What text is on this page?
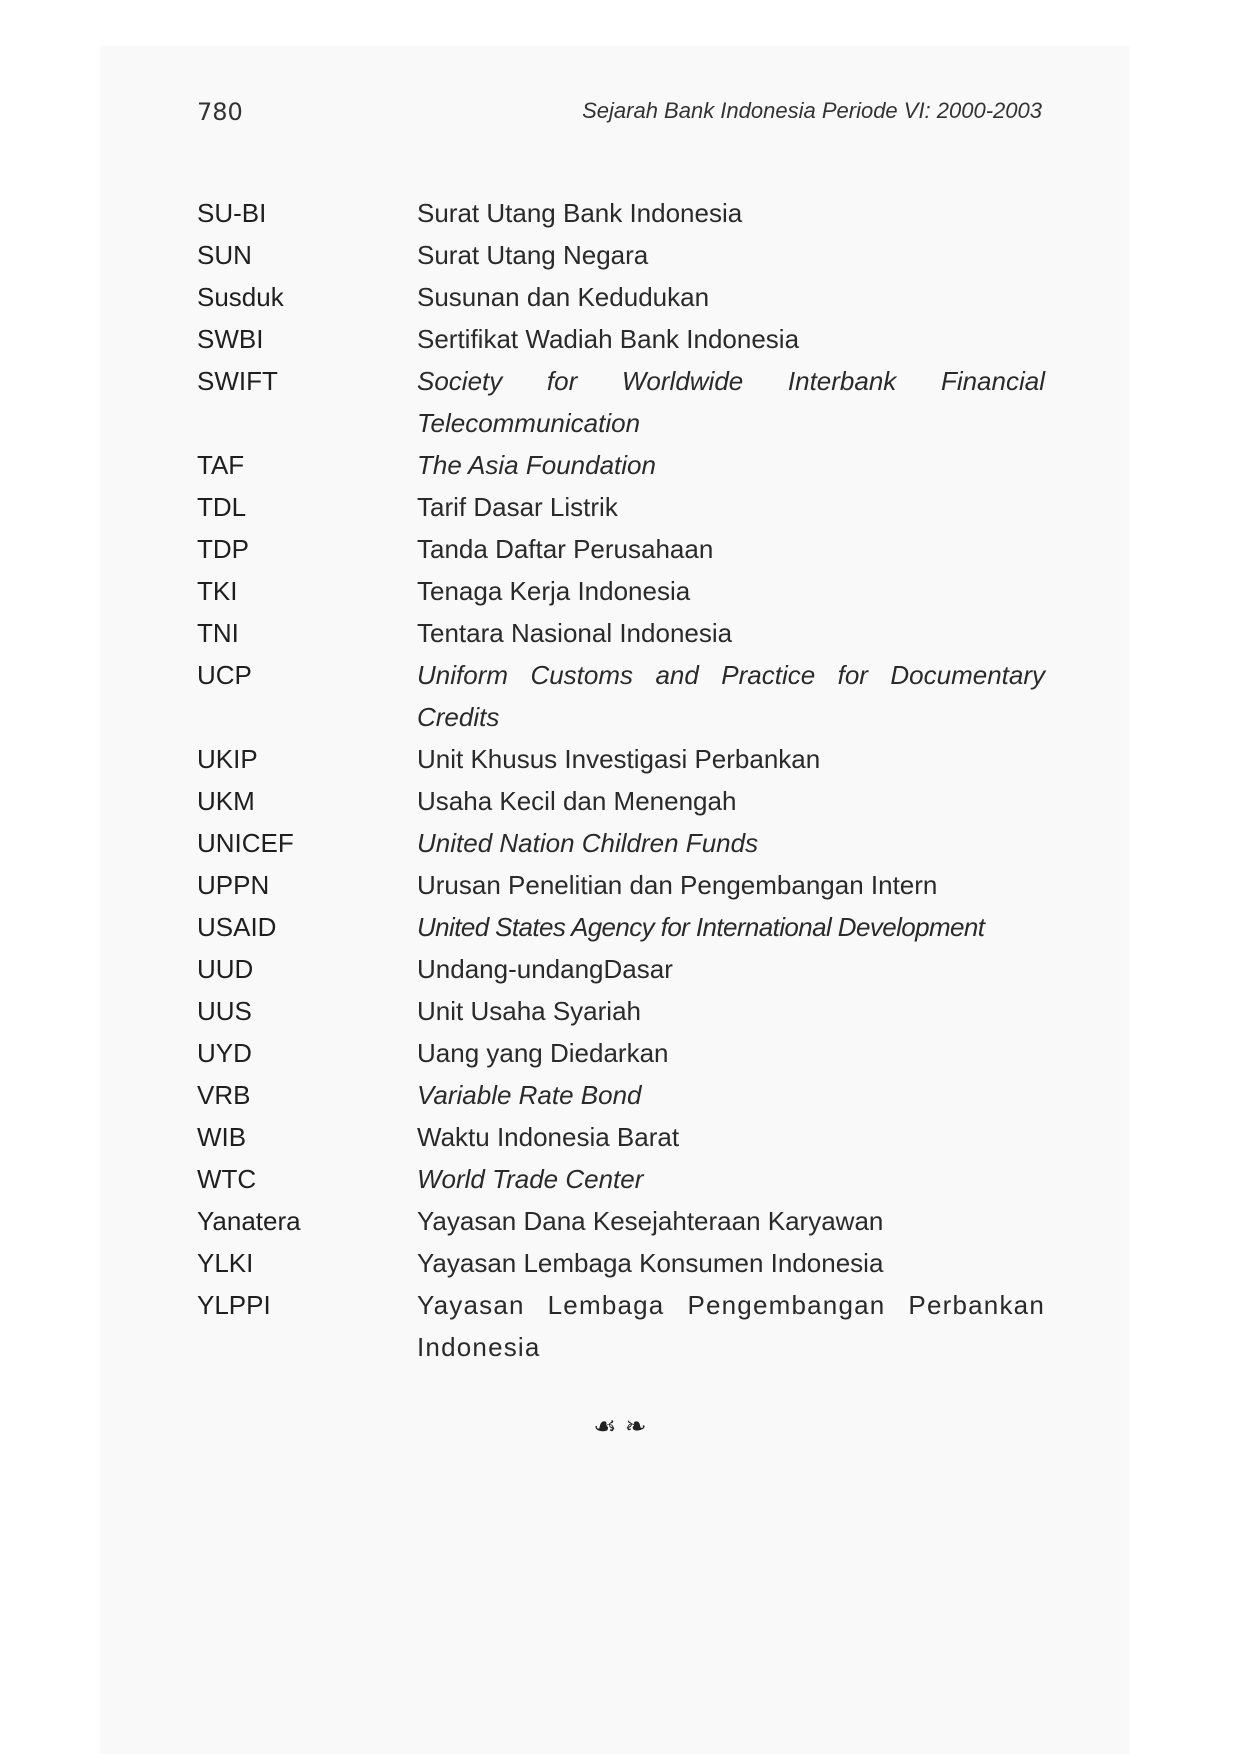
780	Sejarah Bank Indonesia Periode VI: 2000-2003
SU-BI	Surat Utang Bank Indonesia
SUN	Surat Utang Negara
Susduk	Susunan dan Kedudukan
SWBI	Sertifikat Wadiah Bank Indonesia
SWIFT	Society for Worldwide Interbank Financial Telecommunication
TAF	The Asia Foundation
TDL	Tarif Dasar Listrik
TDP	Tanda Daftar Perusahaan
TKI	Tenaga Kerja Indonesia
TNI	Tentara Nasional Indonesia
UCP	Uniform Customs and Practice for Documentary Credits
UKIP	Unit Khusus Investigasi Perbankan
UKM	Usaha Kecil dan Menengah
UNICEF	United Nation Children Funds
UPPN	Urusan Penelitian dan Pengembangan Intern
USAID	United States Agency for International Development
UUD	Undang-undangDasar
UUS	Unit Usaha Syariah
UYD	Uang yang Diedarkan
VRB	Variable Rate Bond
WIB	Waktu Indonesia Barat
WTC	World Trade Center
Yanatera	Yayasan Dana Kesejahteraan Karyawan
YLKI	Yayasan Lembaga Konsumen Indonesia
YLPPI	Yayasan Lembaga Pengembangan Perbankan Indonesia
☙ ❧
